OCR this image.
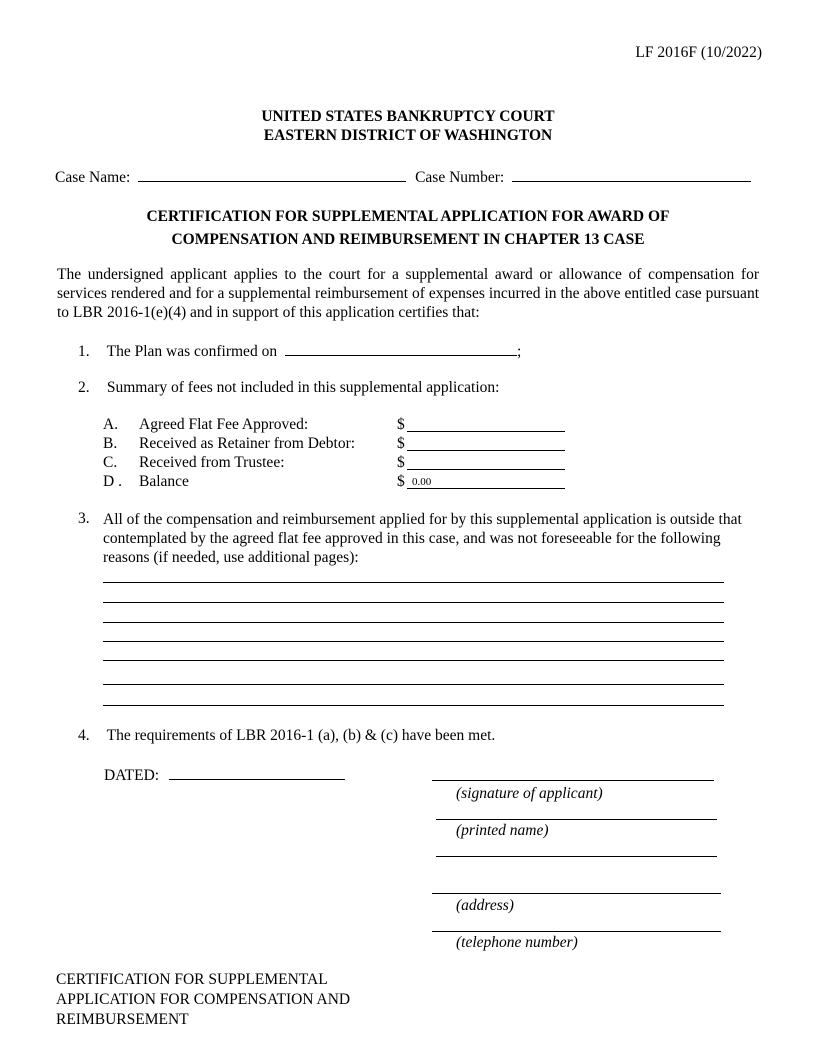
LF 2016F (10/2022)
UNITED STATES BANKRUPTCY COURT
EASTERN DISTRICT OF WASHINGTON
Case Name:	Case Number:
CERTIFICATION FOR SUPPLEMENTAL APPLICATION FOR AWARD OF
COMPENSATION AND REIMBURSEMENT IN CHAPTER 13 CASE
The undersigned applicant applies to the court for a supplemental award or allowance of compensation for services rendered and for a supplemental reimbursement of expenses incurred in the above entitled case pursuant to LBR 2016-1(e)(4) and in support of this application certifies that:
1. The Plan was confirmed on	;
2. Summary of fees not included in this supplemental application:
A. Agreed Flat Fee Approved:	$
B. Received as Retainer from Debtor:	$
C. Received from Trustee:	$
D . Balance	$ 0.00
3. All of the compensation and reimbursement applied for by this supplemental application is outside that contemplated by the agreed flat fee approved in this case, and was not foreseeable for the following reasons (if needed, use additional pages):
4. The requirements of LBR 2016-1 (a), (b) & (c) have been met.
DATED:
(signature of applicant)
(printed name)
(address)
(telephone number)
CERTIFICATION FOR SUPPLEMENTAL
APPLICATION FOR COMPENSATION AND
REIMBURSEMENT
